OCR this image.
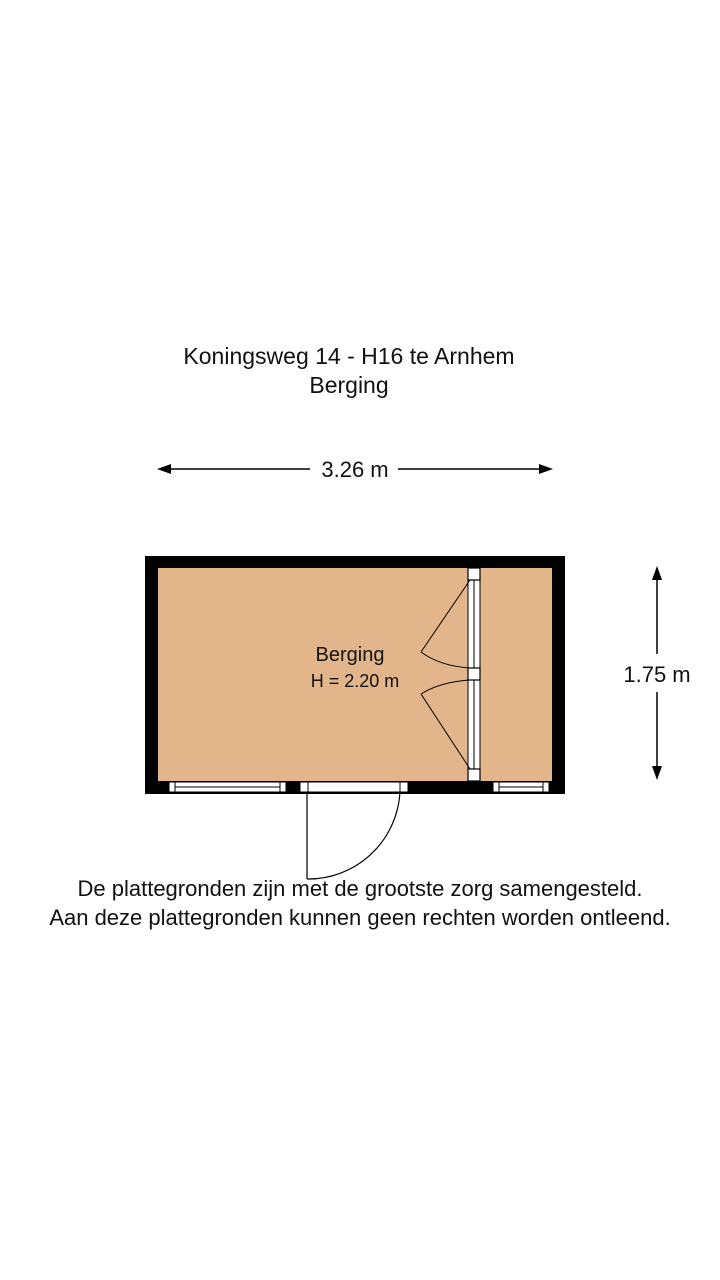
Koningsweg 14 - H16 te Arnhem
Berging
3.26 m
1.75 m
Berging
H = 2.20 m
De plattegronden zijn met de grootste zorg samengesteld.
Aan deze plattegronden kunnen geen rechten worden ontleend.
